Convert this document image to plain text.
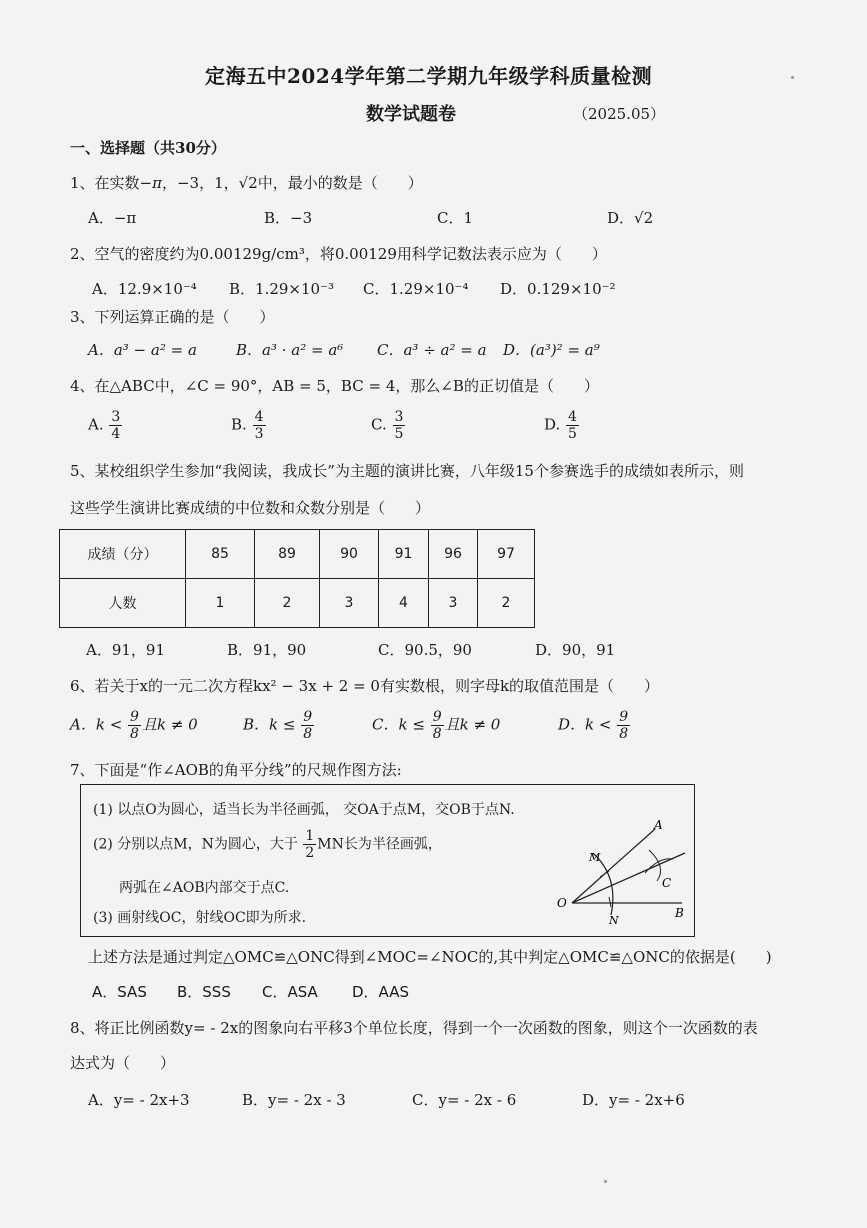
定海五中2024学年第二学期九年级学科质量检测
数学试题卷	（2025.05）
一、选择题（共30分）
1、在实数−π，−3，1，√2中，最小的数是（　　）
A．−π	B．−3	C．1	D．√2
2、空气的密度约为0.00129g/cm³，将0.00129用科学记数法表示应为（　　）
A．12.9×10⁻⁴ B．1.29×10⁻³ C．1.29×10⁻⁴ D．0.129×10⁻²
3、下列运算正确的是（　　）
A．a³ − a² = a	B．a³ · a² = a⁶ C．a³ ÷ a² = a D．(a³)² = a⁹
4、在△ABC中，∠C = 90°，AB = 5，BC = 4，那么∠B的正切值是（　　）
A. $\frac{3}{4}$	B. $\frac{4}{3}$	C. $\frac{3}{5}$	D. $\frac{4}{5}$
5、某校组织学生参加“我阅读，我成长”为主题的演讲比赛，八年级15个参赛选手的成绩如表所示，则
这些学生演讲比赛成绩的中位数和众数分别是（　　）
成绩（分）	85	89	90	91	96	97
人数	1	2	3	4	3	2
A．91，91	B．91，90	C．90.5，90	D．90，91
6、若关于x的一元二次方程kx² − 3x + 2 = 0有实数根，则字母k的取值范围是（　　）
A．$k < \frac{9}{8}$ 且k ≠ 0	B．$k \le \frac{9}{8}$	C．$k \le \frac{9}{8}$ 且k ≠ 0	D．$k < \frac{9}{8}$
7、下面是“作∠AOB的角平分线”的尺规作图方法:
(1) 以点O为圆心，适当长为半径画弧， 交OA于点M，交OB于点N.
(2) 分别以点M，N为圆心，大于 $\frac{1}{2}$ MN长为半径画弧，
两弧在∠AOB内部交于点C.
(3) 画射线OC，射线OC即为所求.
A
B
C
M
N
O
上述方法是通过判定△OMC≌△ONC得到∠MOC=∠NOC的,其中判定△OMC≌△ONC的依据是(　　)
A．SAS B．SSS C．ASA D．AAS
8、将正比例函数y= - 2x的图象向右平移3个单位长度，得到一个一次函数的图象，则这个一次函数的表
达式为（　　）
A．y= - 2x+3	B．y= - 2x - 3	C．y= - 2x - 6	D．y= - 2x+6
